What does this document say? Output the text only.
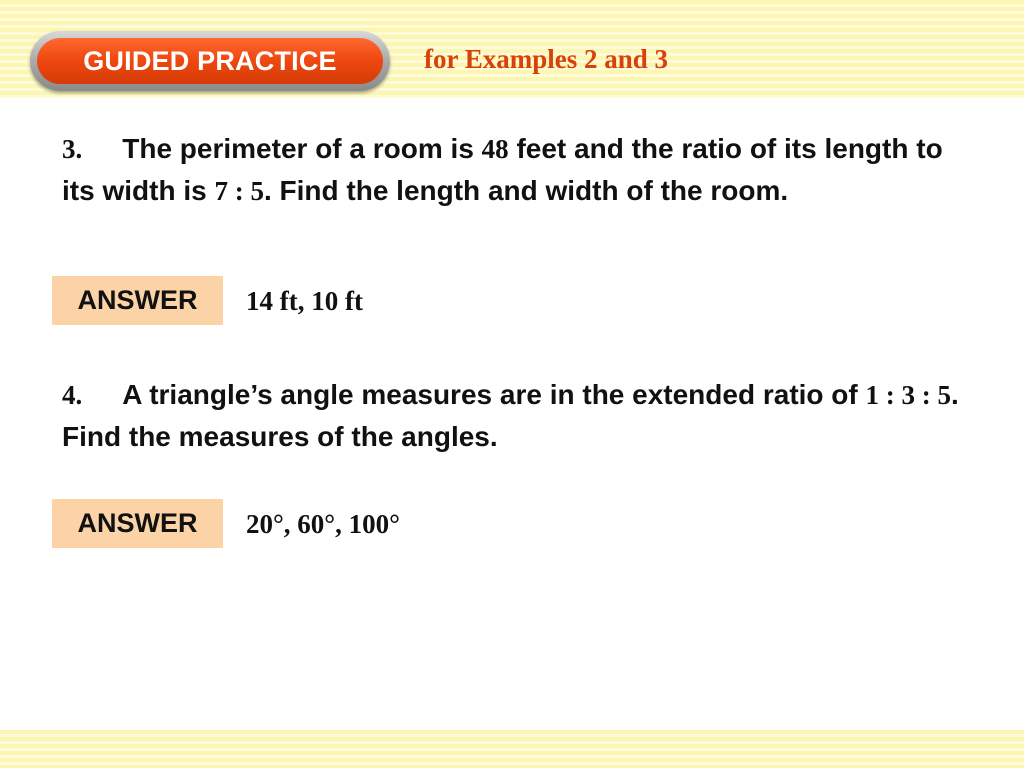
GUIDED PRACTICE	for Examples 2 and 3
3. The perimeter of a room is 48 feet and the ratio of its length to its width is 7 : 5. Find the length and width of the room.
ANSWER	14 ft, 10 ft
4. A triangle’s angle measures are in the extended ratio of 1 : 3 : 5. Find the measures of the angles.
ANSWER	20°, 60°, 100°
